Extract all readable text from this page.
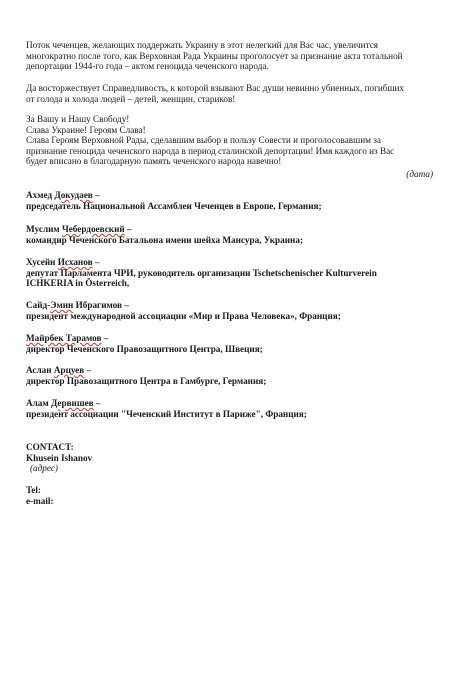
Поток чеченцев, желающих поддержать Украину в этот нелегкий для Вас час, увеличится
многократно после того, как Верховная Рада Украины проголосует за признание акта тотальной
депортации 1944-го года – актом геноцида чеченского народа.
Да восторжествует Справедливость, к которой взывают Вас души невинно убиенных, погибших
от голода и холода людей – детей, женщин, стариков!
За Вашу и Нашу Свободу!
Слава Украине! Героям Слава!
Слава Героям Верховной Рады, сделавшим выбор в пользу Совести и проголосовавшим за
признание геноцида чеченского народа в период сталинской депортации! Имя каждого из Вас
будет вписано в благодарную память чеченского народа навечно!
(дата)
Ахмед Докудаев –
председатель Национальной Ассамблеи Чеченцев в Европе, Германия;
Муслим Чебердоевский –
командир Чеченского Батальона имени шейха Мансура, Украина;
Хусейн Исханов –
депутат Парламента ЧРИ, руководитель организации Tschetschenischer Kulturverein
ICHKERIA in Österreich,
Сайд-Эмин Ибрагимов –
президент международной ассоциации «Мир и Права Человека», Франция;
Майрбек Тарамов –
директор Чеченского Правозащитного Центра, Швеция;
Аслан Арцуев –
директор Правозащитного Центра в Гамбурге, Германия;
Алам Дервишев –
президент ассоциации "Чеченский Институт в Париже", Франция;
CONTACT:
Khusein Ishanov
(адрес)
Tel:
e-mail:
